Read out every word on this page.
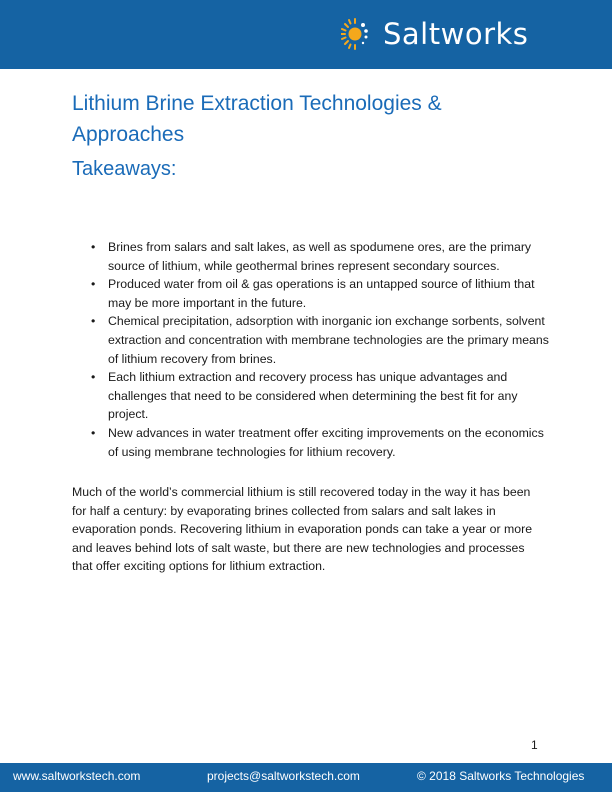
Saltworks
Lithium Brine Extraction Technologies & Approaches
Takeaways:
• Brines from salars and salt lakes, as well as spodumene ores, are the primary source of lithium, while geothermal brines represent secondary sources.
• Produced water from oil & gas operations is an untapped source of lithium that may be more important in the future.
• Chemical precipitation, adsorption with inorganic ion exchange sorbents, solvent extraction and concentration with membrane technologies are the primary means of lithium recovery from brines.
• Each lithium extraction and recovery process has unique advantages and challenges that need to be considered when determining the best fit for any project.
• New advances in water treatment offer exciting improvements on the economics of using membrane technologies for lithium recovery.

Much of the world’s commercial lithium is still recovered today in the way it has been for half a century: by evaporating brines collected from salars and salt lakes in evaporation ponds. Recovering lithium in evaporation ponds can take a year or more and leaves behind lots of salt waste, but there are new technologies and processes that offer exciting options for lithium extraction.

1
www.saltworkstech.com	projects@saltworkstech.com	© 2018 Saltworks Technologies
